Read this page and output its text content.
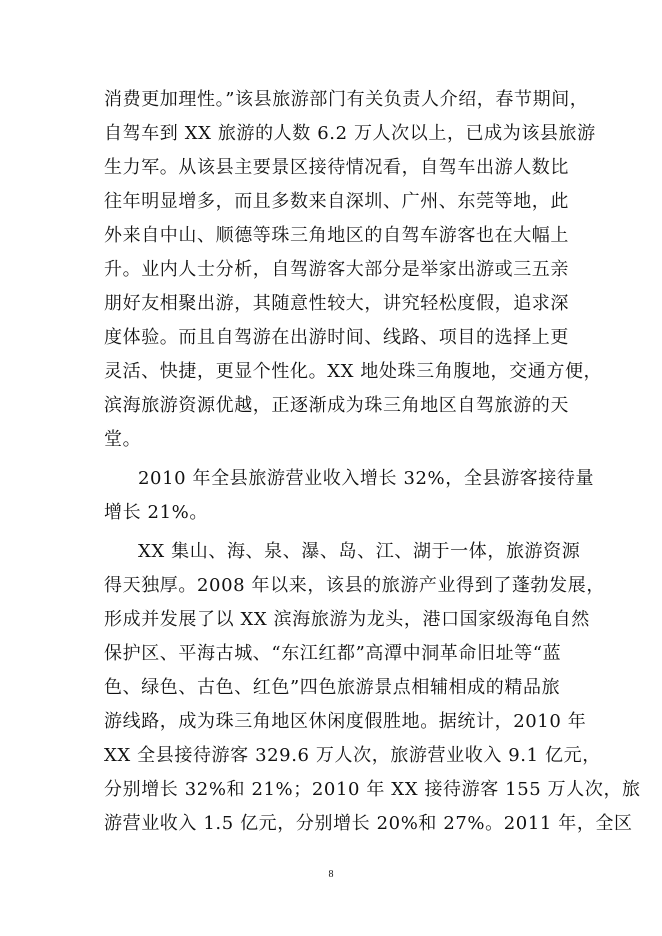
消费更加理性。”该县旅游部门有关负责人介绍，春节期间，
自驾车到 XX 旅游的人数 6.2 万人次以上，已成为该县旅游
生力军。从该县主要景区接待情况看，自驾车出游人数比
往年明显增多，而且多数来自深圳、广州、东莞等地，此
外来自中山、顺德等珠三角地区的自驾车游客也在大幅上
升。业内人士分析，自驾游客大部分是举家出游或三五亲
朋好友相聚出游，其随意性较大，讲究轻松度假，追求深
度体验。而且自驾游在出游时间、线路、项目的选择上更
灵活、快捷，更显个性化。XX 地处珠三角腹地，交通方便，
滨海旅游资源优越，正逐渐成为珠三角地区自驾旅游的天
堂。
2010 年全县旅游营业收入增长 32%，全县游客接待量
增长 21%。
XX 集山、海、泉、瀑、岛、江、湖于一体，旅游资源
得天独厚。2008 年以来，该县的旅游产业得到了蓬勃发展，
形成并发展了以 XX 滨海旅游为龙头，港口国家级海龟自然
保护区、平海古城、“东江红都”高潭中洞革命旧址等“蓝
色、绿色、古色、红色”四色旅游景点相辅相成的精品旅
游线路，成为珠三角地区休闲度假胜地。据统计，2010 年
XX 全县接待游客 329.6 万人次，旅游营业收入 9.1 亿元，
分别增长 32%和 21%；2010 年 XX 接待游客 155 万人次，旅
游营业收入 1.5 亿元，分别增长 20%和 27%。2011 年，全区
8
